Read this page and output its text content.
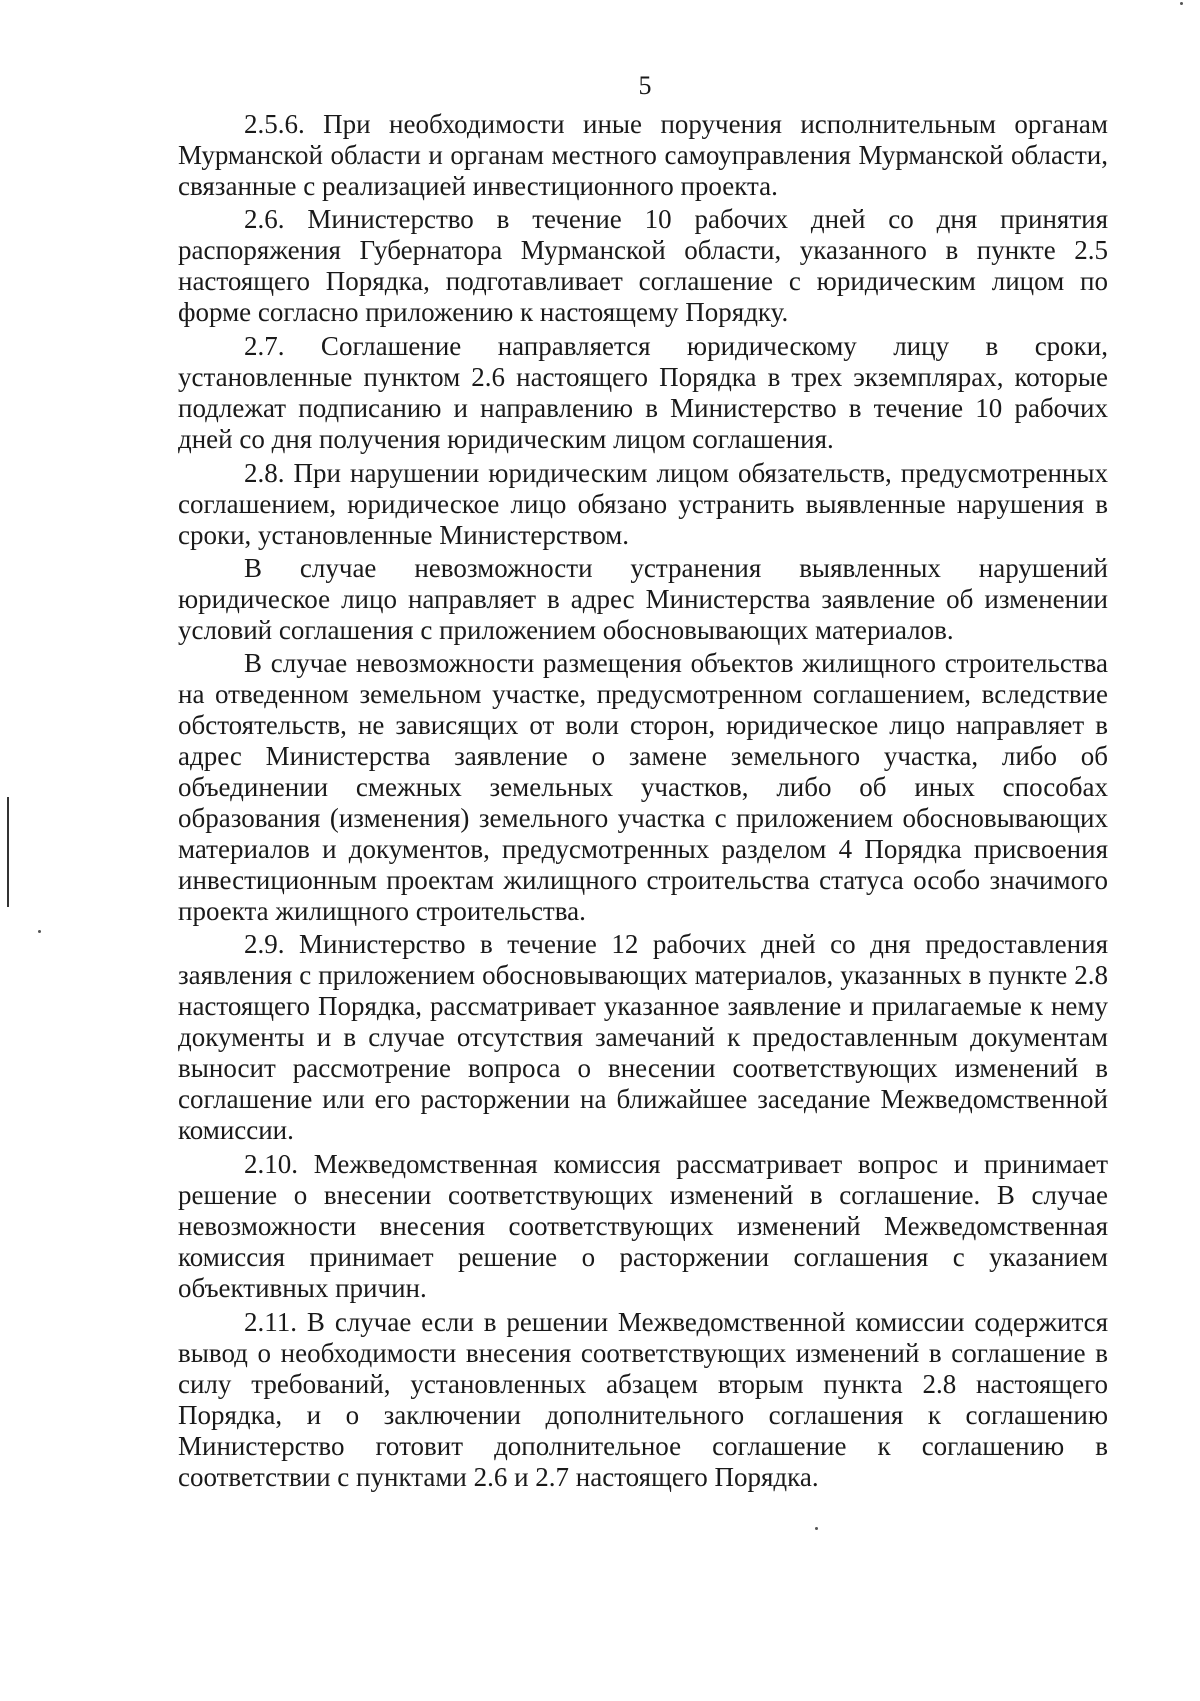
5

2.5.6. При необходимости иные поручения исполнительным органам Мурманской области и органам местного самоуправления Мурманской области, связанные с реализацией инвестиционного проекта.

2.6. Министерство в течение 10 рабочих дней со дня принятия распоряжения Губернатора Мурманской области, указанного в пункте 2.5 настоящего Порядка, подготавливает соглашение с юридическим лицом по форме согласно приложению к настоящему Порядку.

2.7. Соглашение направляется юридическому лицу в сроки, установленные пунктом 2.6 настоящего Порядка в трех экземплярах, которые подлежат подписанию и направлению в Министерство в течение 10 рабочих дней со дня получения юридическим лицом соглашения.

2.8. При нарушении юридическим лицом обязательств, предусмотренных соглашением, юридическое лицо обязано устранить выявленные нарушения в сроки, установленные Министерством.

В случае невозможности устранения выявленных нарушений юридическое лицо направляет в адрес Министерства заявление об изменении условий соглашения с приложением обосновывающих материалов.

В случае невозможности размещения объектов жилищного строительства на отведенном земельном участке, предусмотренном соглашением, вследствие обстоятельств, не зависящих от воли сторон, юридическое лицо направляет в адрес Министерства заявление о замене земельного участка, либо об объединении смежных земельных участков, либо об иных способах образования (изменения) земельного участка с приложением обосновывающих материалов и документов, предусмотренных разделом 4 Порядка присвоения инвестиционным проектам жилищного строительства статуса особо значимого проекта жилищного строительства.

2.9. Министерство в течение 12 рабочих дней со дня предоставления заявления с приложением обосновывающих материалов, указанных в пункте 2.8 настоящего Порядка, рассматривает указанное заявление и прилагаемые к нему документы и в случае отсутствия замечаний к предоставленным документам выносит рассмотрение вопроса о внесении соответствующих изменений в соглашение или его расторжении на ближайшее заседание Межведомственной комиссии.

2.10. Межведомственная комиссия рассматривает вопрос и принимает решение о внесении соответствующих изменений в соглашение. В случае невозможности внесения соответствующих изменений Межведомственная комиссия принимает решение о расторжении соглашения с указанием объективных причин.

2.11. В случае если в решении Межведомственной комиссии содержится вывод о необходимости внесения соответствующих изменений в соглашение в силу требований, установленных абзацем вторым пункта 2.8 настоящего Порядка, и о заключении дополнительного соглашения к соглашению Министерство готовит дополнительное соглашение к соглашению в соответствии с пунктами 2.6 и 2.7 настоящего Порядка.
